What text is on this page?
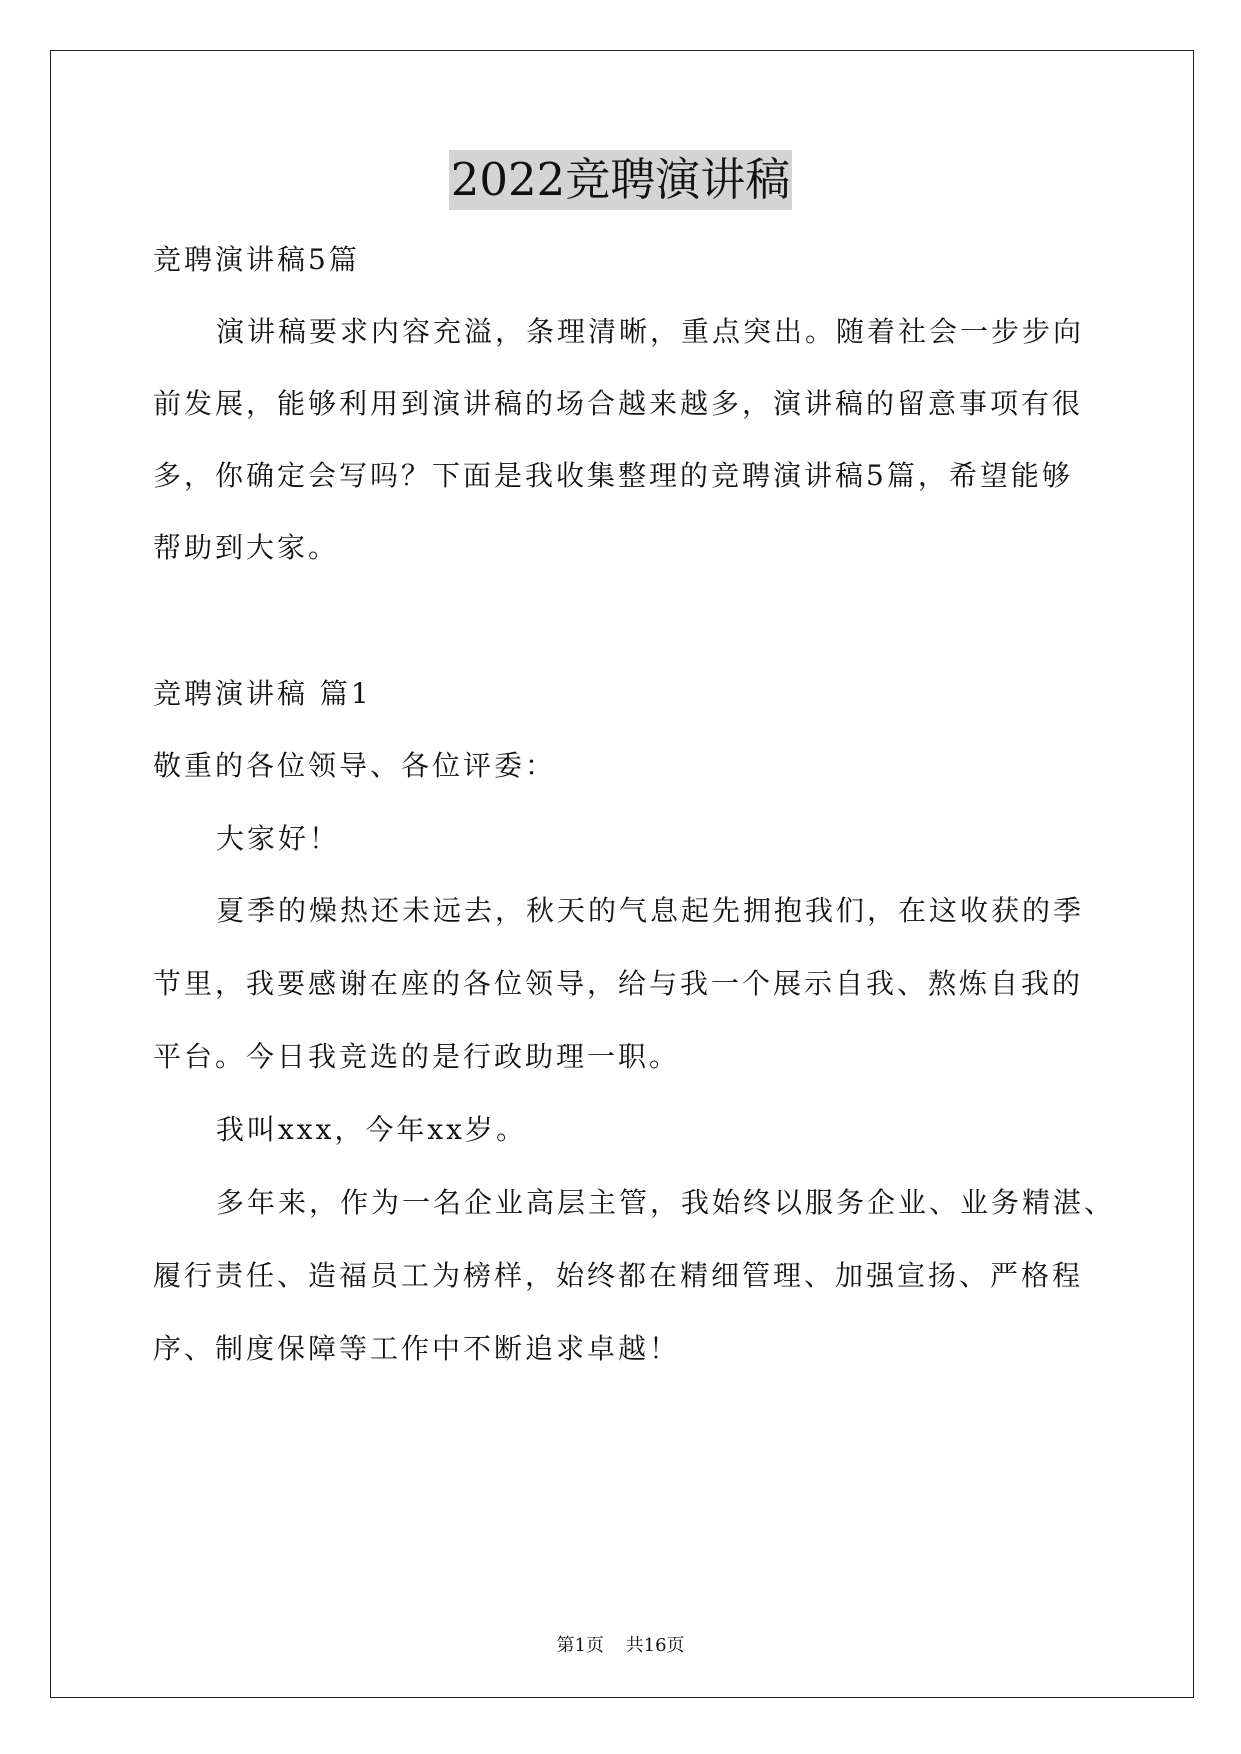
2022竞聘演讲稿
竞聘演讲稿5篇
演讲稿要求内容充溢，条理清晰，重点突出。随着社会一步步向
前发展，能够利用到演讲稿的场合越来越多，演讲稿的留意事项有很
多，你确定会写吗？下面是我收集整理的竞聘演讲稿5篇，希望能够
帮助到大家。
竞聘演讲稿 篇1
敬重的各位领导、各位评委：
大家好！
夏季的燥热还未远去，秋天的气息起先拥抱我们，在这收获的季
节里，我要感谢在座的各位领导，给与我一个展示自我、熬炼自我的
平台。今日我竞选的是行政助理一职。
我叫xxx，今年xx岁。
多年来，作为一名企业高层主管，我始终以服务企业、业务精湛、
履行责任、造福员工为榜样，始终都在精细管理、加强宣扬、严格程
序、制度保障等工作中不断追求卓越！
第1页 共16页
